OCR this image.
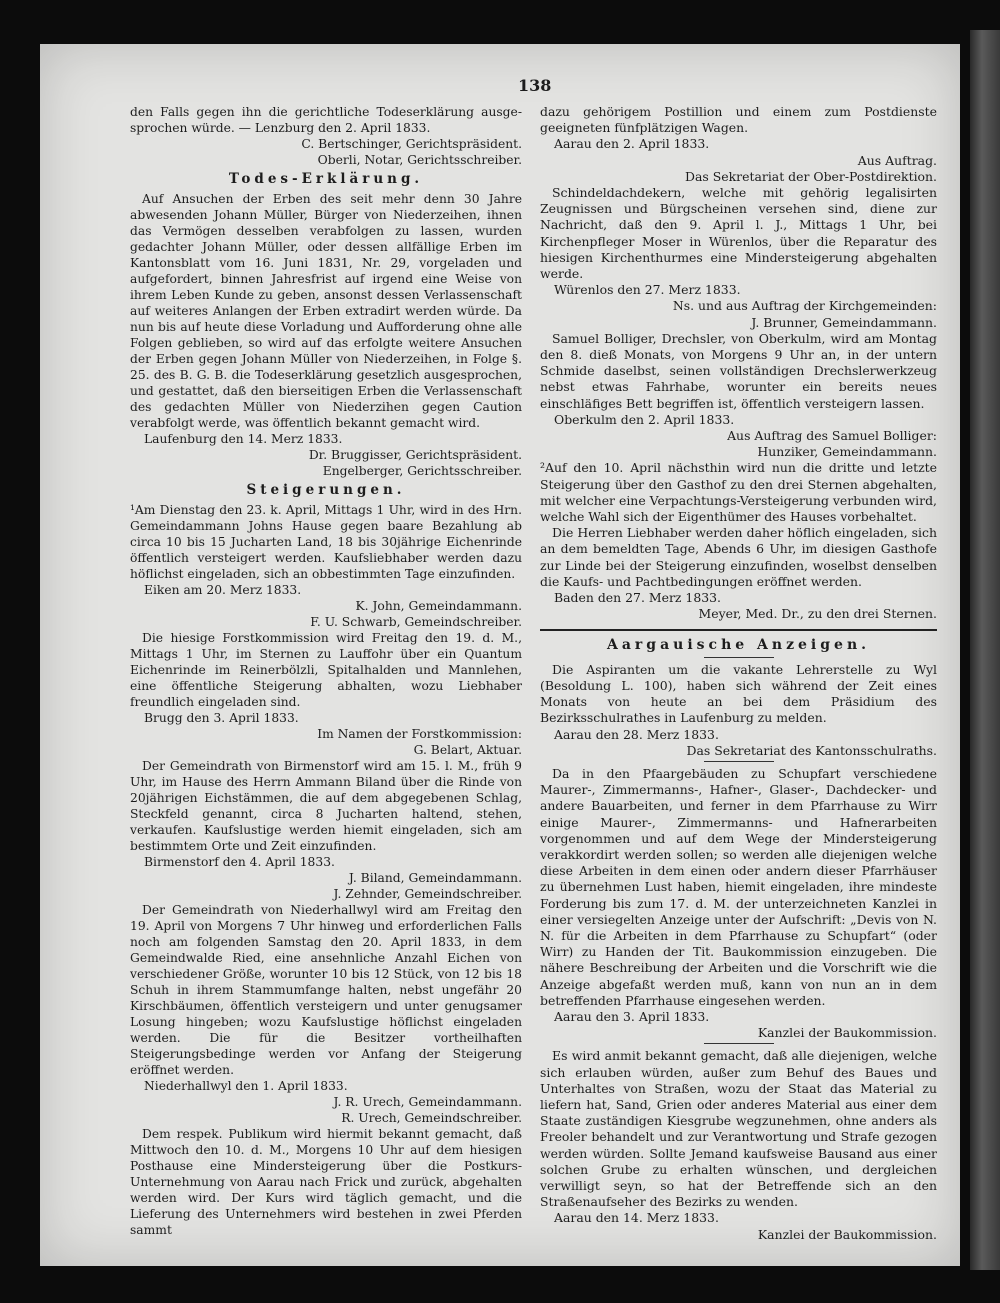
138

den Falls gegen ihn die gerichtliche Todeserklärung ausge-sprochen würde. — Lenzburg den 2. April 1833.

C. Bertschinger, Gerichtspräsident.

Oberli, Notar, Gerichtsschreiber.

Todes-Erklärung.

Auf Ansuchen der Erben des seit mehr denn 30 Jahre abwesenden Johann Müller, Bürger von Niederzeihen, ihnen das Vermögen desselben verabfolgen zu lassen, wurden gedachter Johann Müller, oder dessen allfällige Erben im Kantonsblatt vom 16. Juni 1831, Nr. 29, vorgeladen und aufgefordert, binnen Jahresfrist auf irgend eine Weise von ihrem Leben Kunde zu geben, ansonst dessen Verlassenschaft auf weiteres Anlangen der Erben extradirt werden würde. Da nun bis auf heute diese Vorladung und Aufforderung ohne alle Folgen geblieben, so wird auf das erfolgte weitere Ansuchen der Erben gegen Johann Müller von Niederzeihen, in Folge §. 25. des B. G. B. die Todeserklärung gesetzlich ausgesprochen, und gestattet, daß den bierseitigen Erben die Verlassenschaft des gedachten Müller von Niederzihen gegen Caution verabfolgt werde, was öffentlich bekannt gemacht wird.

Laufenburg den 14. Merz 1833.

Dr. Bruggisser, Gerichtspräsident.

Engelberger, Gerichtsschreiber.

Steigerungen.

¹Am Dienstag den 23. k. April, Mittags 1 Uhr, wird in des Hrn. Gemeindammann Johns Hause gegen baare Bezahlung ab circa 10 bis 15 Jucharten Land, 18 bis 30jährige Eichenrinde öffentlich versteigert werden. Kaufsliebhaber werden dazu höflichst eingeladen, sich an obbestimmten Tage einzufinden.

Eiken am 20. Merz 1833.

K. John, Gemeindammann.

F. U. Schwarb, Gemeindschreiber.

Die hiesige Forstkommission wird Freitag den 19. d. M., Mittags 1 Uhr, im Sternen zu Lauffohr über ein Quantum Eichenrinde im Reinerbölzli, Spitalhalden und Mannlehen, eine öffentliche Steigerung abhalten, wozu Liebhaber freundlich eingeladen sind.

Brugg den 3. April 1833.

Im Namen der Forstkommission:

G. Belart, Aktuar.

Der Gemeindrath von Birmenstorf wird am 15. l. M., früh 9 Uhr, im Hause des Herrn Ammann Biland über die Rinde von 20jährigen Eichstämmen, die auf dem abgegebenen Schlag, Steckfeld genannt, circa 8 Jucharten haltend, stehen, verkaufen. Kaufslustige werden hiemit eingeladen, sich am bestimmtem Orte und Zeit einzufinden.

Birmenstorf den 4. April 1833.

J. Biland, Gemeindammann.

J. Zehnder, Gemeindschreiber.

Der Gemeindrath von Niederhallwyl wird am Freitag den 19. April von Morgens 7 Uhr hinweg und erforderlichen Falls noch am folgenden Samstag den 20. April 1833, in dem Gemeindwalde Ried, eine ansehnliche Anzahl Eichen von verschiedener Größe, worunter 10 bis 12 Stück, von 12 bis 18 Schuh in ihrem Stammumfange halten, nebst ungefähr 20 Kirschbäumen, öffentlich versteigern und unter genugsamer Losung hingeben; wozu Kaufslustige höflichst eingeladen werden. Die für die Besitzer vortheilhaften Steigerungsbedinge werden vor Anfang der Steigerung eröffnet werden.

Niederhallwyl den 1. April 1833.

J. R. Urech, Gemeindammann.

R. Urech, Gemeindschreiber.

Dem respek. Publikum wird hiermit bekannt gemacht, daß Mittwoch den 10. d. M., Morgens 10 Uhr auf dem hiesigen Posthause eine Mindersteigerung über die Postkurs-Unternehmung von Aarau nach Frick und zurück, abgehalten werden wird. Der Kurs wird täglich gemacht, und die Lieferung des Unternehmers wird bestehen in zwei Pferden sammt

dazu gehörigem Postillion und einem zum Postdienste geeigneten fünfplätzigen Wagen.

Aarau den 2. April 1833.

Aus Auftrag.

Das Sekretariat der Ober-Postdirektion.

Schindeldachdekern, welche mit gehörig legalisirten Zeugnissen und Bürgscheinen versehen sind, diene zur Nachricht, daß den 9. April l. J., Mittags 1 Uhr, bei Kirchenpfleger Moser in Würenlos, über die Reparatur des hiesigen Kirchenthurmes eine Mindersteigerung abgehalten werde.

Würenlos den 27. Merz 1833.

Ns. und aus Auftrag der Kirchgemeinden:

J. Brunner, Gemeindammann.

Samuel Bolliger, Drechsler, von Oberkulm, wird am Montag den 8. dieß Monats, von Morgens 9 Uhr an, in der untern Schmide daselbst, seinen vollständigen Drechslerwerkzeug nebst etwas Fahrhabe, worunter ein bereits neues einschläfiges Bett begriffen ist, öffentlich versteigern lassen.

Oberkulm den 2. April 1833.

Aus Auftrag des Samuel Bolliger:

Hunziker, Gemeindammann.

²Auf den 10. April nächsthin wird nun die dritte und letzte Steigerung über den Gasthof zu den drei Sternen abgehalten, mit welcher eine Verpachtungs-Versteigerung verbunden wird, welche Wahl sich der Eigenthümer des Hauses vorbehaltet.

Die Herren Liebhaber werden daher höflich eingeladen, sich an dem bemeldten Tage, Abends 6 Uhr, im diesigen Gasthofe zur Linde bei der Steigerung einzufinden, woselbst denselben die Kaufs- und Pachtbedingungen eröffnet werden.

Baden den 27. Merz 1833.

Meyer, Med. Dr., zu den drei Sternen.

Aargauische Anzeigen.

Die Aspiranten um die vakante Lehrerstelle zu Wyl (Besoldung L. 100), haben sich während der Zeit eines Monats von heute an bei dem Präsidium des Bezirksschulrathes in Laufenburg zu melden.

Aarau den 28. Merz 1833.

Das Sekretariat des Kantonsschulraths.

Da in den Pfaargebäuden zu Schupfart verschiedene Maurer-, Zimmermanns-, Hafner-, Glaser-, Dachdecker- und andere Bauarbeiten, und ferner in dem Pfarrhause zu Wirr einige Maurer-, Zimmermanns- und Hafnerarbeiten vorgenommen und auf dem Wege der Mindersteigerung verakkordirt werden sollen; so werden alle diejenigen welche diese Arbeiten in dem einen oder andern dieser Pfarrhäuser zu übernehmen Lust haben, hiemit eingeladen, ihre mindeste Forderung bis zum 17. d. M. der unterzeichneten Kanzlei in einer versiegelten Anzeige unter der Aufschrift: „Devis von N. N. für die Arbeiten in dem Pfarrhause zu Schupfart“ (oder Wirr) zu Handen der Tit. Baukommission einzugeben. Die nähere Beschreibung der Arbeiten und die Vorschrift wie die Anzeige abgefaßt werden muß, kann von nun an in dem betreffenden Pfarrhause eingesehen werden.

Aarau den 3. April 1833.

Kanzlei der Baukommission.

Es wird anmit bekannt gemacht, daß alle diejenigen, welche sich erlauben würden, außer zum Behuf des Baues und Unterhaltes von Straßen, wozu der Staat das Material zu liefern hat, Sand, Grien oder anderes Material aus einer dem Staate zuständigen Kiesgrube wegzunehmen, ohne anders als Freoler behandelt und zur Verantwortung und Strafe gezogen werden würden. Sollte Jemand kaufsweise Bausand aus einer solchen Grube zu erhalten wünschen, und dergleichen verwilligt seyn, so hat der Betreffende sich an den Straßenaufseher des Bezirks zu wenden.

Aarau den 14. Merz 1833.

Kanzlei der Baukommission.
